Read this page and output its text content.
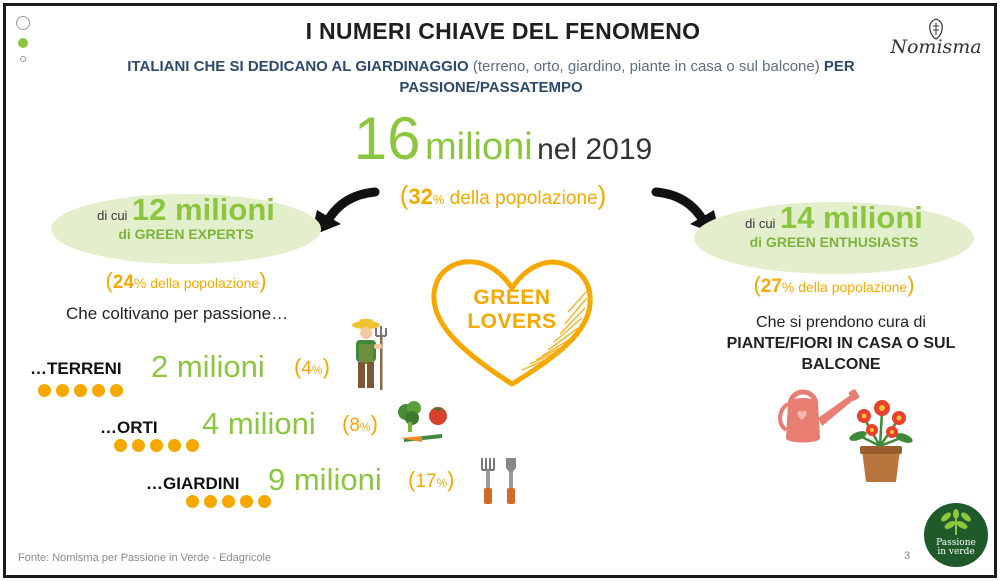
I NUMERI CHIAVE DEL FENOMENO
ITALIANI CHE SI DEDICANO AL GIARDINAGGIO (terreno, orto, giardino, piante in casa o sul balcone) PER PASSIONE/PASSATEMPO
Nomisma
16 milioni nel 2019
(32% della popolazione)
di cui 12 milioni
di GREEN EXPERTS
(24% della popolazione)
Che coltivano per passione…
di cui 14 milioni
di GREEN ENTHUSIASTS
(27% della popolazione)
Che si prendono cura di
PIANTE/FIORI IN CASA O SUL BALCONE
GREEN
LOVERS
…TERRENI 2 milioni (4%)
…ORTI 4 milioni (8%)
…GIARDINI 9 milioni (17%)
Fonte: Nomisma per Passione in Verde - Edagricole	3
Passione
in verde
